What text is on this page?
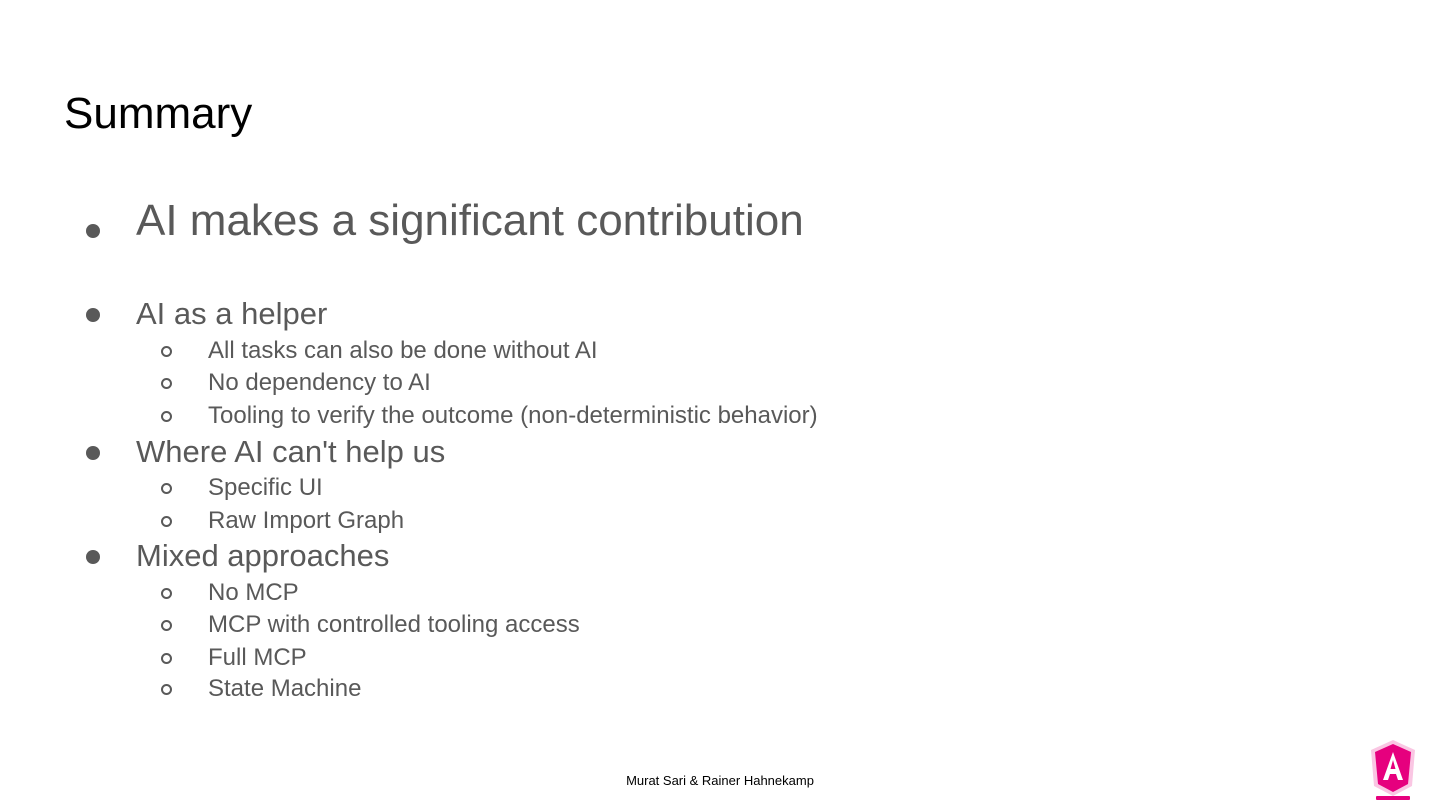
Summary
AI makes a significant contribution
AI as a helper
All tasks can also be done without AI
No dependency to AI
Tooling to verify the outcome (non-deterministic behavior)
Where AI can't help us
Specific UI
Raw Import Graph
Mixed approaches
No MCP
MCP with controlled tooling access
Full MCP
State Machine
Murat Sari & Rainer Hahnekamp
